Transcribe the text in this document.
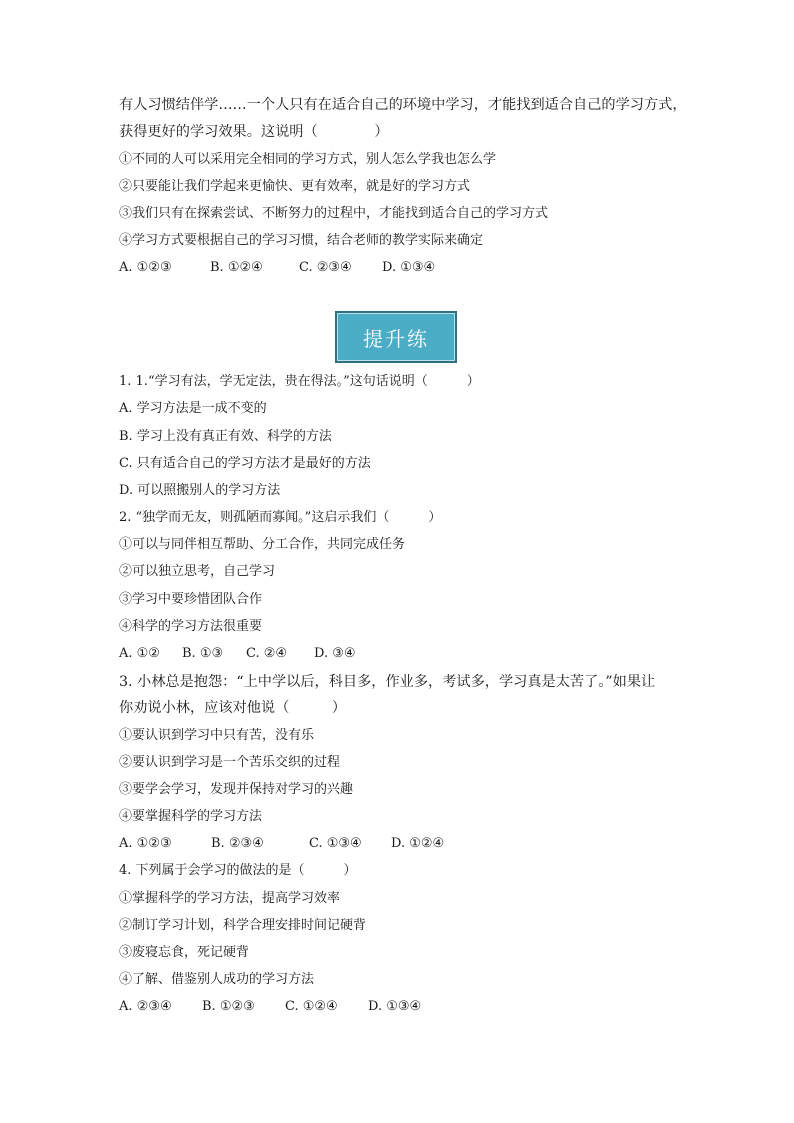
有人习惯结伴学……一个人只有在适合自己的环境中学习，才能找到适合自己的学习方式，
获得更好的学习效果。这说明（　　　　）
①不同的人可以采用完全相同的学习方式，别人怎么学我也怎么学
②只要能让我们学起来更愉快、更有效率，就是好的学习方式
③我们只有在探索尝试、不断努力的过程中，才能找到适合自己的学习方式
④学习方式要根据自己的学习习惯，结合老师的教学实际来确定
A. ①②③	B. ①②④	C. ②③④ D. ①③④
提升练
1. 1.“学习有法，学无定法，贵在得法。”这句话说明（　　　）
A. 学习方法是一成不变的
B. 学习上没有真正有效、科学的方法
C. 只有适合自己的学习方法才是最好的方法
D. 可以照搬别人的学习方法
2. “独学而无友，则孤陋而寡闻。”这启示我们（　　　）
①可以与同伴相互帮助、分工合作，共同完成任务
②可以独立思考，自己学习
③学习中要珍惜团队合作
④科学的学习方法很重要
A. ①② B. ①③ C. ②④ D. ③④
3. 小林总是抱怨：“上中学以后，科目多，作业多，考试多，学习真是太苦了。”如果让
你劝说小林，应该对他说（　　　）
①要认识到学习中只有苦，没有乐
②要认识到学习是一个苦乐交织的过程
③要学会学习，发现并保持对学习的兴趣
④要掌握科学的学习方法
A. ①②③	B. ②③④	C. ①③④ D. ①②④
4. 下列属于会学习的做法的是（　　　）
①掌握科学的学习方法，提高学习效率
②制订学习计划，科学合理安排时间记硬背
③废寝忘食，死记硬背
④了解、借鉴别人成功的学习方法
A. ②③④ B. ①②③ C. ①②④ D. ①③④
